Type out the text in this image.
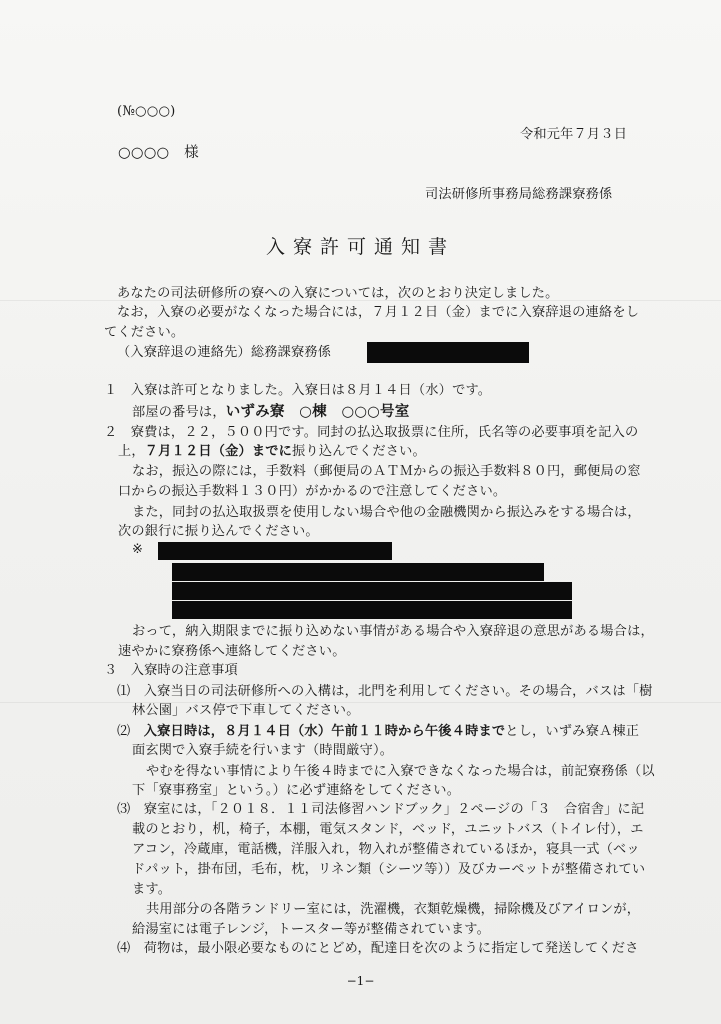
(№○○○)
令和元年７月３日
○○○○　様
司法研修所事務局総務課寮務係
入寮許可通知書
あなたの司法研修所の寮への入寮については，次のとおり決定しました。
なお，入寮の必要がなくなった場合には，７月１２日（金）までに入寮辞退の連絡をし
てください。
（入寮辞退の連絡先）総務課寮務係
１　入寮は許可となりました。入寮日は８月１４日（水）です。
部屋の番号は，いずみ寮　○棟　○○○号室
２　寮費は，２２，５００円です。同封の払込取扱票に住所，氏名等の必要事項を記入の
上，７月１２日（金）までに振り込んでください。
なお，振込の際には，手数料（郵便局のＡＴＭからの振込手数料８０円，郵便局の窓
口からの振込手数料１３０円）がかかるので注意してください。
また，同封の払込取扱票を使用しない場合や他の金融機関から振込みをする場合は，
次の銀行に振り込んでください。
※
おって，納入期限までに振り込めない事情がある場合や入寮辞退の意思がある場合は，
速やかに寮務係へ連絡してください。
３　入寮時の注意事項
⑴　入寮当日の司法研修所への入構は，北門を利用してください。その場合，バスは「樹
林公園」バス停で下車してください。
⑵　入寮日時は，８月１４日（水）午前１１時から午後４時までとし，いずみ寮Ａ棟正
面玄関で入寮手続を行います（時間厳守）。
やむを得ない事情により午後４時までに入寮できなくなった場合は，前記寮務係（以
下「寮事務室」という。）に必ず連絡をしてください。
⑶　寮室には，「２０１８．１１司法修習ハンドブック」２ページの「３　合宿舎」に記
載のとおり，机，椅子，本棚，電気スタンド，ベッド，ユニットバス（トイレ付），エ
アコン，冷蔵庫，電話機，洋服入れ，物入れが整備されているほか，寝具一式（ベッ
ドパット，掛布団，毛布，枕，リネン類（シーツ等））及びカーペットが整備されてい
ます。
共用部分の各階ランドリー室には，洗濯機，衣類乾燥機，掃除機及びアイロンが，
給湯室には電子レンジ，トースター等が整備されています。
⑷　荷物は，最小限必要なものにとどめ，配達日を次のように指定して発送してくださ
−1−
